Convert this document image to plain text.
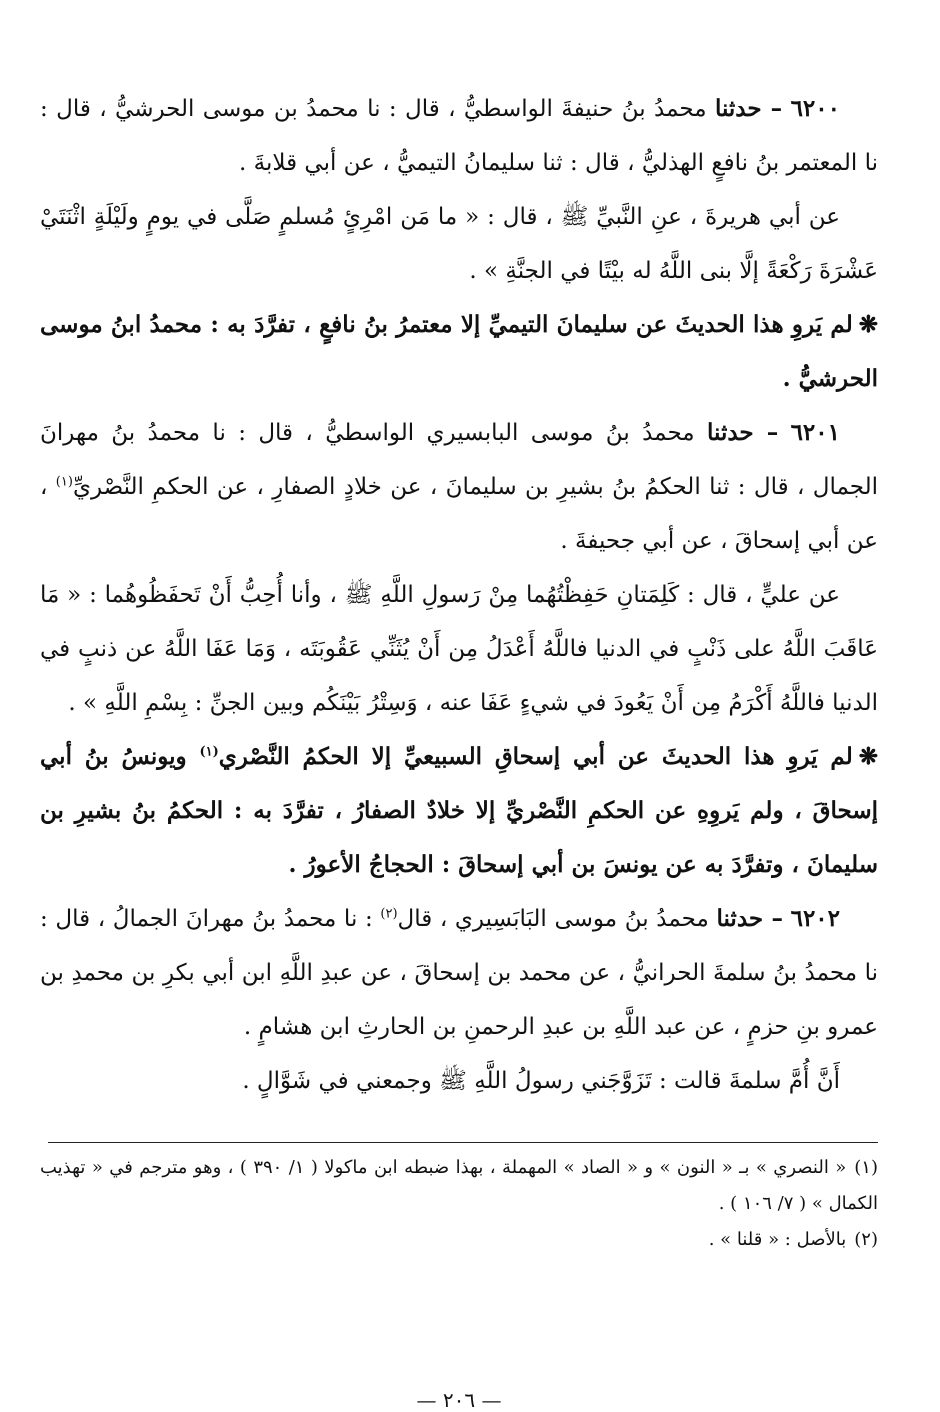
٦٢٠٠ – حدثنا محمدُ بنُ حنيفةَ الواسطيُّ ، قال : نا محمدُ بن موسى الحرشيُّ ، قال : نا المعتمر بنُ نافعٍ الهذليُّ ، قال : ثنا سليمانُ التيميُّ ، عن أبي قلابةَ .

عن أبي هريرةَ ، عنِ النَّبيِّ ﷺ ، قال : « ما مَن امْرِئٍ مُسلمٍ صَلَّى في يومٍ ولَيْلَةٍ اثْنَتَيْ عَشْرَةَ رَكْعَةً إلَّا بنى اللَّهُ له بيْتًا في الجنَّةِ » .

❋لم يَروِ هذا الحديثَ عن سليمانَ التيميِّ إلا معتمرُ بنُ نافعٍ ، تفرَّدَ به : محمدُ ابنُ موسى الحرشيُّ .

٦٢٠١ – حدثنا محمدُ بنُ موسى البابسيري الواسطيُّ ، قال : نا محمدُ بنُ مهرانَ الجمال ، قال : ثنا الحكمُ بنُ بشيرِ بن سليمانَ ، عن خلادٍ الصفارِ ، عن الحكمِ النَّصْريِّ$^{(١)}$ ، عن أبي إسحاقَ ، عن أبي جحيفةَ .

عن عليٍّ ، قال : كَلِمَتانِ حَفِظْتُهُما مِنْ رَسولِ اللَّهِ ﷺ ، وأنا أُحِبُّ أَنْ تَحفَظُوهُما : « مَا عَاقَبَ اللَّهُ على ذَنْبٍ في الدنيا فاللَّهُ أَعْدَلُ مِن أَنْ يُثَنِّي عَقُوبَتَه ، وَمَا عَفَا اللَّهُ عن ذنبٍ في الدنيا فاللَّهُ أَكْرَمُ مِن أَنْ يَعُودَ في شيءٍ عَفَا عنه ، وَسِتْرُ بَيْنَكُم وبين الجنِّ : بِسْمِ اللَّهِ » .

❋لم يَروِ هذا الحديثَ عن أبي إسحاقِ السبيعيِّ إلا الحكمُ النَّصْري$^{(١)}$ ويونسُ بنُ أبي إسحاقَ ، ولم يَروِهِ عن الحكمِ النَّصْريِّ إلا خلادٌ الصفارُ ، تفرَّدَ به : الحكمُ بنُ بشيرِ بن سليمانَ ، وتفرَّدَ به عن يونسَ بن أبي إسحاقَ : الحجاجُ الأعورُ .

٦٢٠٢ – حدثنا محمدُ بنُ موسى البَابَسِيري ، قال$^{(٢)}$ : نا محمدُ بنُ مهرانَ الجمالُ ، قال : نا محمدُ بنُ سلمةَ الحرانيُّ ، عن محمد بن إسحاقَ ، عن عبدِ اللَّهِ ابن أبي بكرِ بن محمدِ بن عمرو بنِ حزمٍ ، عن عبد اللَّهِ بن عبدِ الرحمنِ بن الحارثِ ابن هشامٍ .

أَنَّ أُمَّ سلمةَ قالت : تَزَوَّجَني رسولُ اللَّهِ ﷺ وجمعني في شَوَّالٍ .

(١)« النصري » بـ « النون » و « الصاد » المهملة ، بهذا ضبطه ابن ماكولا ( ١/ ٣٩٠ ) ، وهو مترجم في « تهذيب الكمال » ( ٧/ ١٠٦ ) .

(٢)بالأصل : « قلنا » .

— ٢٠٦ —
